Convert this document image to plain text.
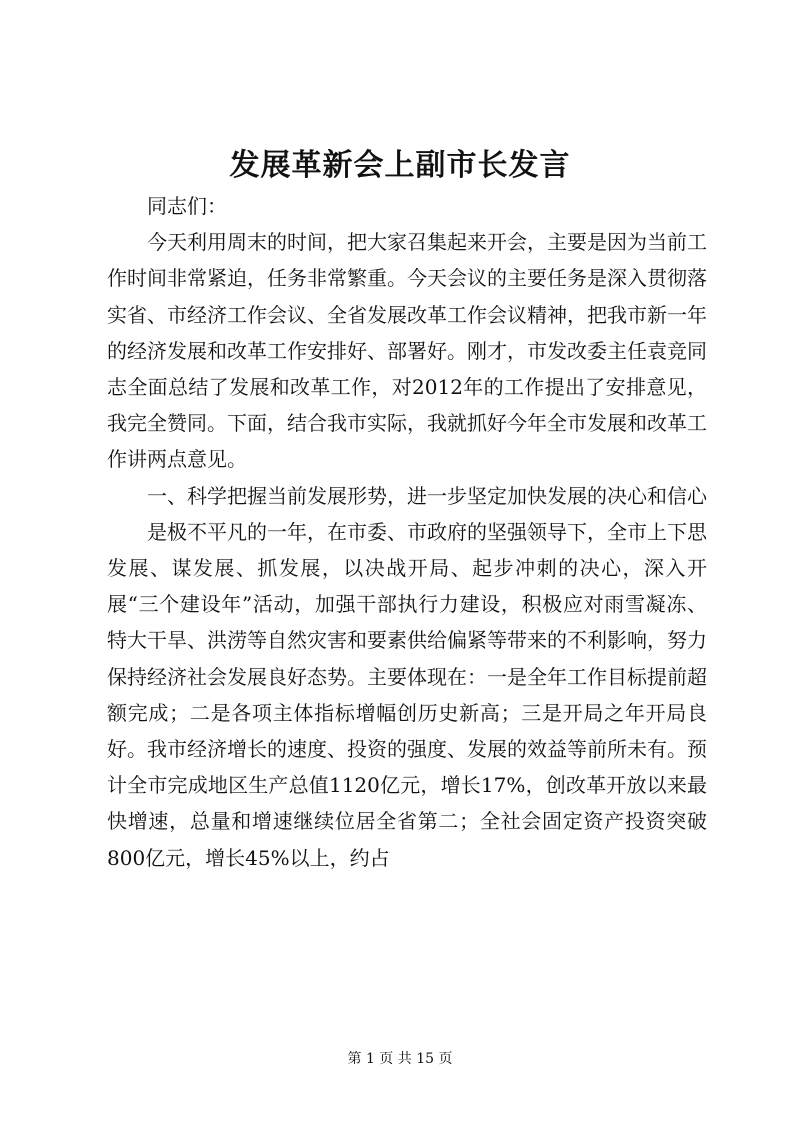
发展革新会上副市长发言

同志们：

今天利用周末的时间，把大家召集起来开会，主要是因为当前工作时间非常紧迫，任务非常繁重。今天会议的主要任务是深入贯彻落实省、市经济工作会议、全省发展改革工作会议精神，把我市新一年的经济发展和改革工作安排好、部署好。刚才，市发改委主任袁竞同志全面总结了发展和改革工作，对2012年的工作提出了安排意见，我完全赞同。下面，结合我市实际，我就抓好今年全市发展和改革工作讲两点意见。

一、科学把握当前发展形势，进一步坚定加快发展的决心和信心

是极不平凡的一年，在市委、市政府的坚强领导下，全市上下思发展、谋发展、抓发展，以决战开局、起步冲刺的决心，深入开展“三个建设年”活动，加强干部执行力建设，积极应对雨雪凝冻、特大干旱、洪涝等自然灾害和要素供给偏紧等带来的不利影响，努力保持经济社会发展良好态势。主要体现在：一是全年工作目标提前超额完成；二是各项主体指标增幅创历史新高；三是开局之年开局良好。我市经济增长的速度、投资的强度、发展的效益等前所未有。预计全市完成地区生产总值1120亿元，增长17%，创改革开放以来最快增速，总量和增速继续位居全省第二；全社会固定资产投资突破800亿元，增长45%以上，约占

第 1 页 共 15 页
